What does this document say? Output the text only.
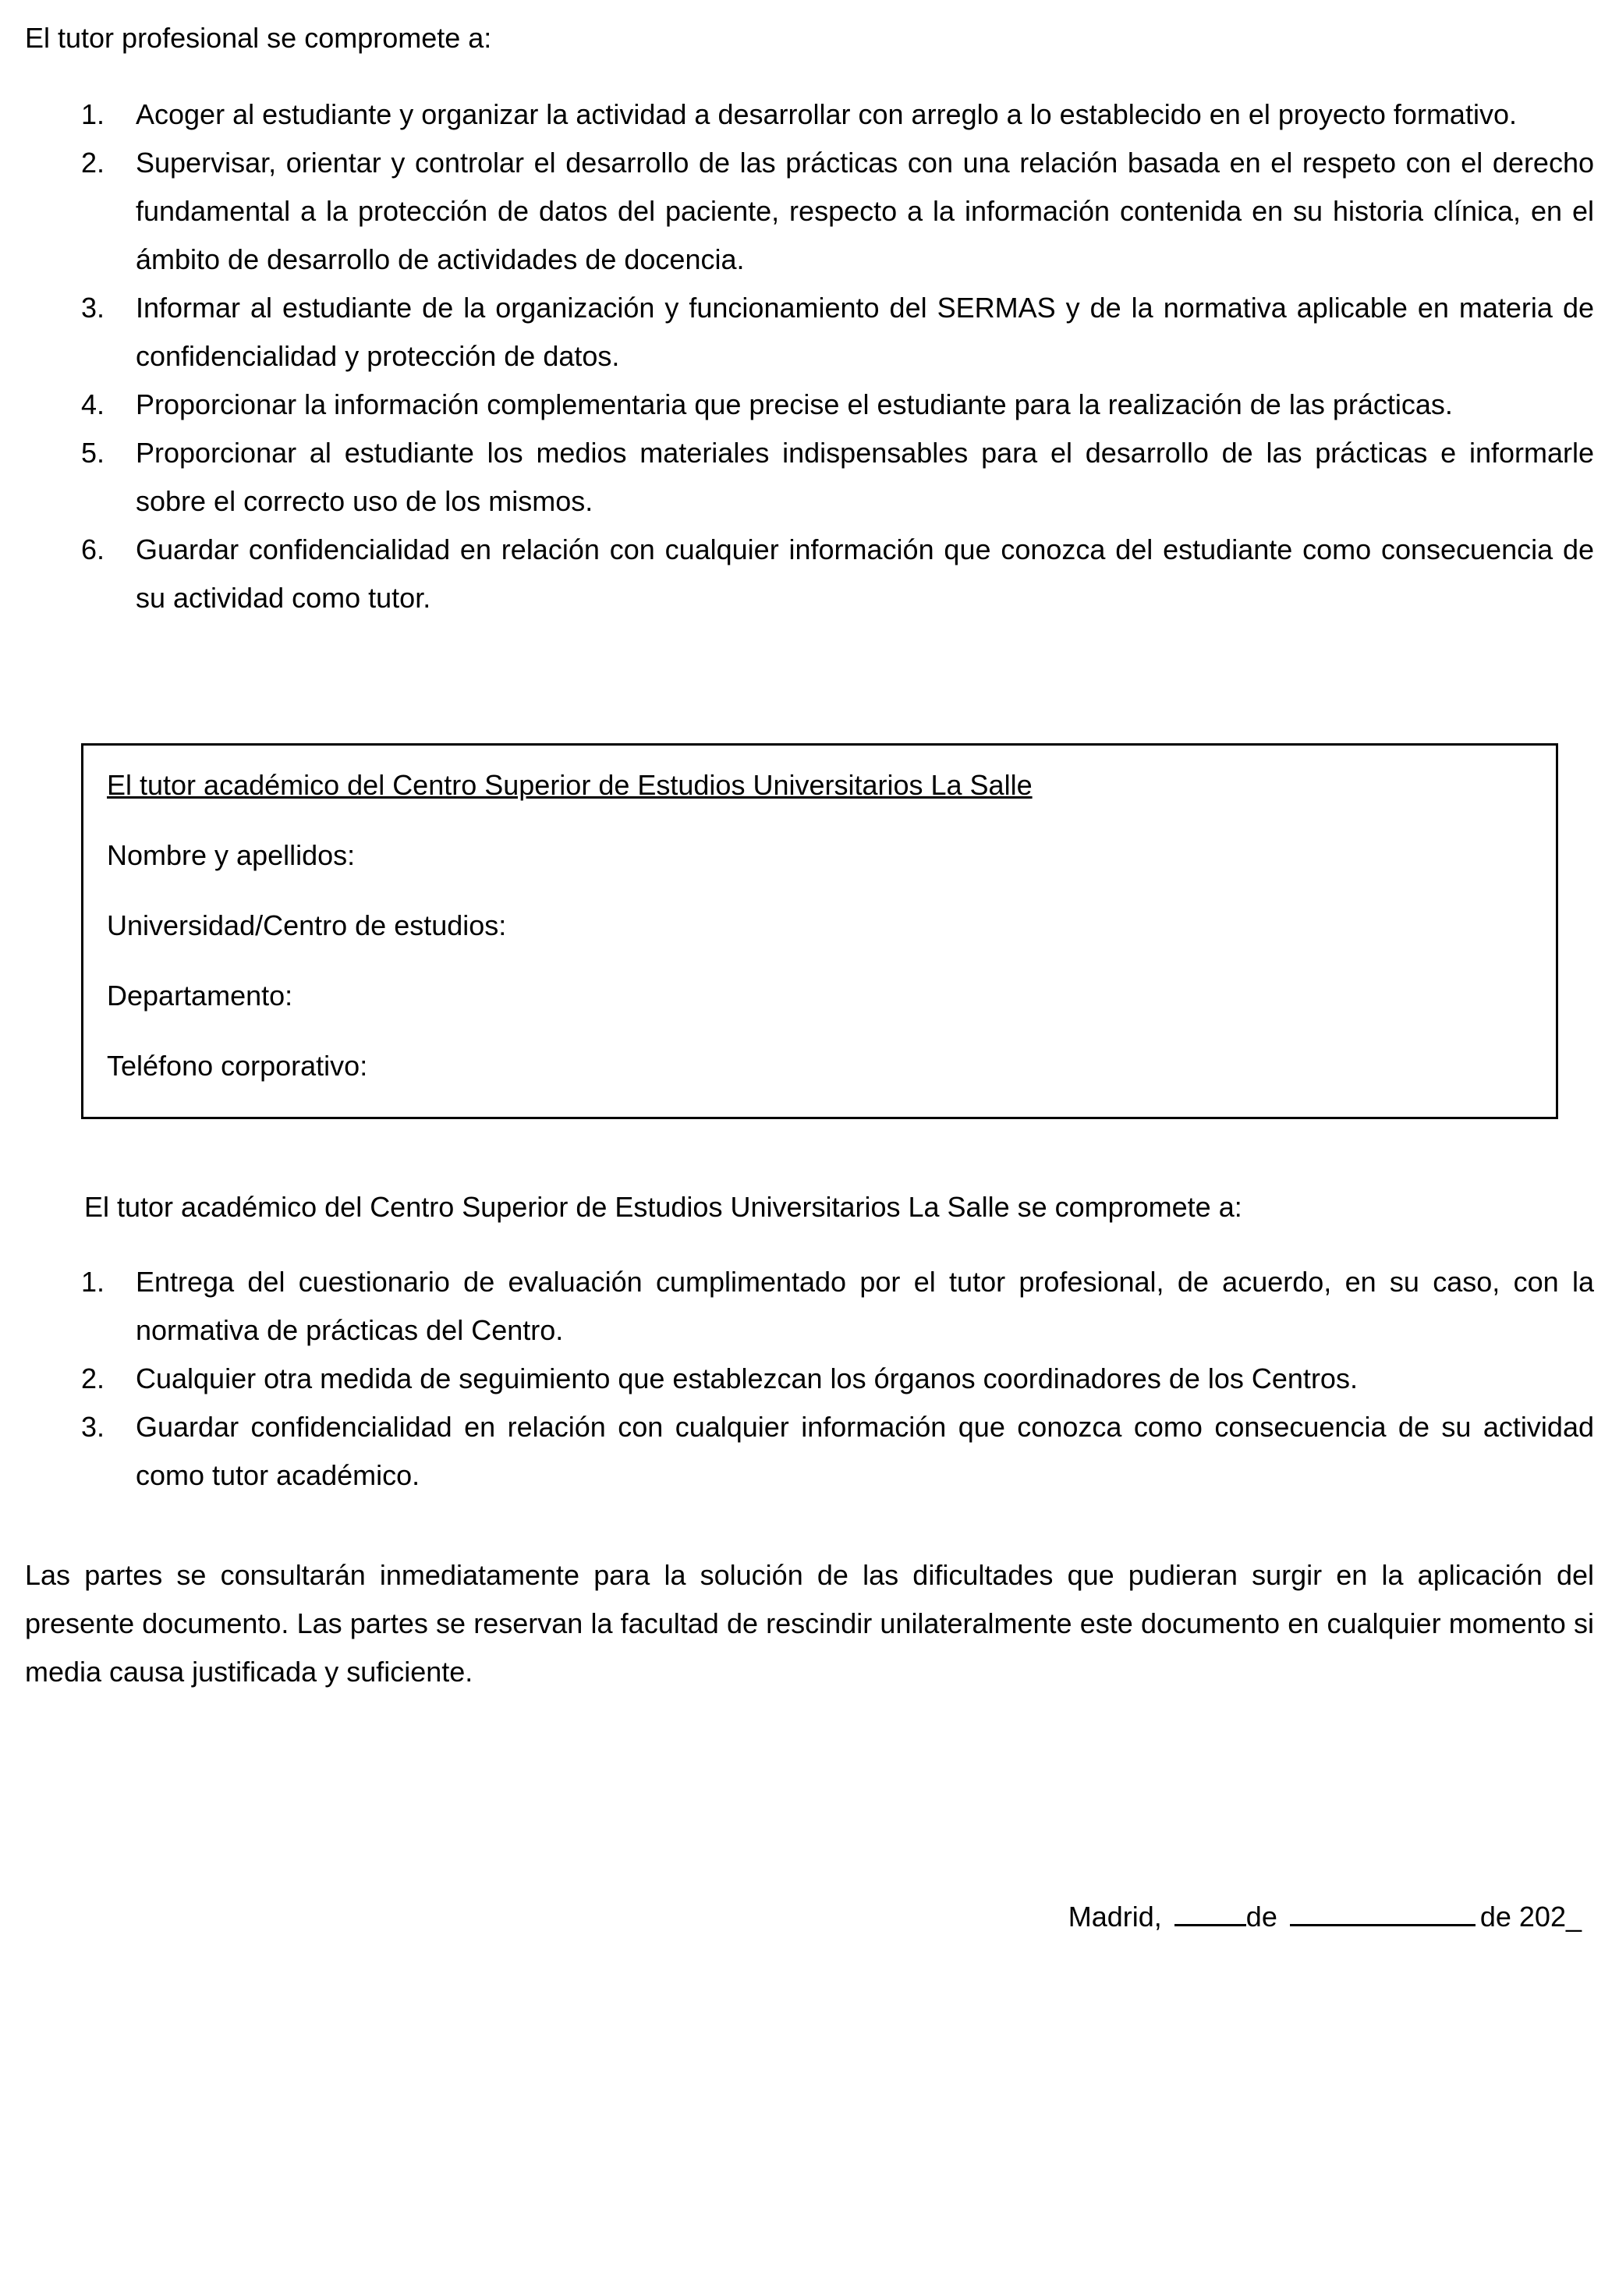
El tutor profesional se compromete a:

1.	Acoger al estudiante y organizar la actividad a desarrollar con arreglo a lo establecido en el proyecto formativo.
2.	Supervisar, orientar y controlar el desarrollo de las prácticas con una relación basada en el respeto con el derecho fundamental a la protección de datos del paciente, respecto a la información contenida en su historia clínica, en el ámbito de desarrollo de actividades de docencia.
3.	Informar al estudiante de la organización y funcionamiento del SERMAS y de la normativa aplicable en materia de confidencialidad y protección de datos.
4.	Proporcionar la información complementaria que precise el estudiante para la realización de las prácticas.
5.	Proporcionar al estudiante los medios materiales indispensables para el desarrollo de las prácticas e informarle sobre el correcto uso de los mismos.
6.	Guardar confidencialidad en relación con cualquier información que conozca del estudiante como consecuencia de su actividad como tutor.

El tutor académico del Centro Superior de Estudios Universitarios La Salle

Nombre y apellidos:

Universidad/Centro de estudios:

Departamento:

Teléfono corporativo:

El tutor académico del Centro Superior de Estudios Universitarios La Salle se compromete a:

1.	Entrega del cuestionario de evaluación cumplimentado por el tutor profesional, de acuerdo, en su caso, con la normativa de prácticas del Centro.
2.	Cualquier otra medida de seguimiento que establezcan los órganos coordinadores de los Centros.
3.	Guardar confidencialidad en relación con cualquier información que conozca como consecuencia de su actividad como tutor académico.

Las partes se consultarán inmediatamente para la solución de las dificultades que pudieran surgir en la aplicación del presente documento. Las partes se reservan la facultad de rescindir unilateralmente este documento en cualquier momento si media causa justificada y suficiente.

Madrid,	de	de 202_
